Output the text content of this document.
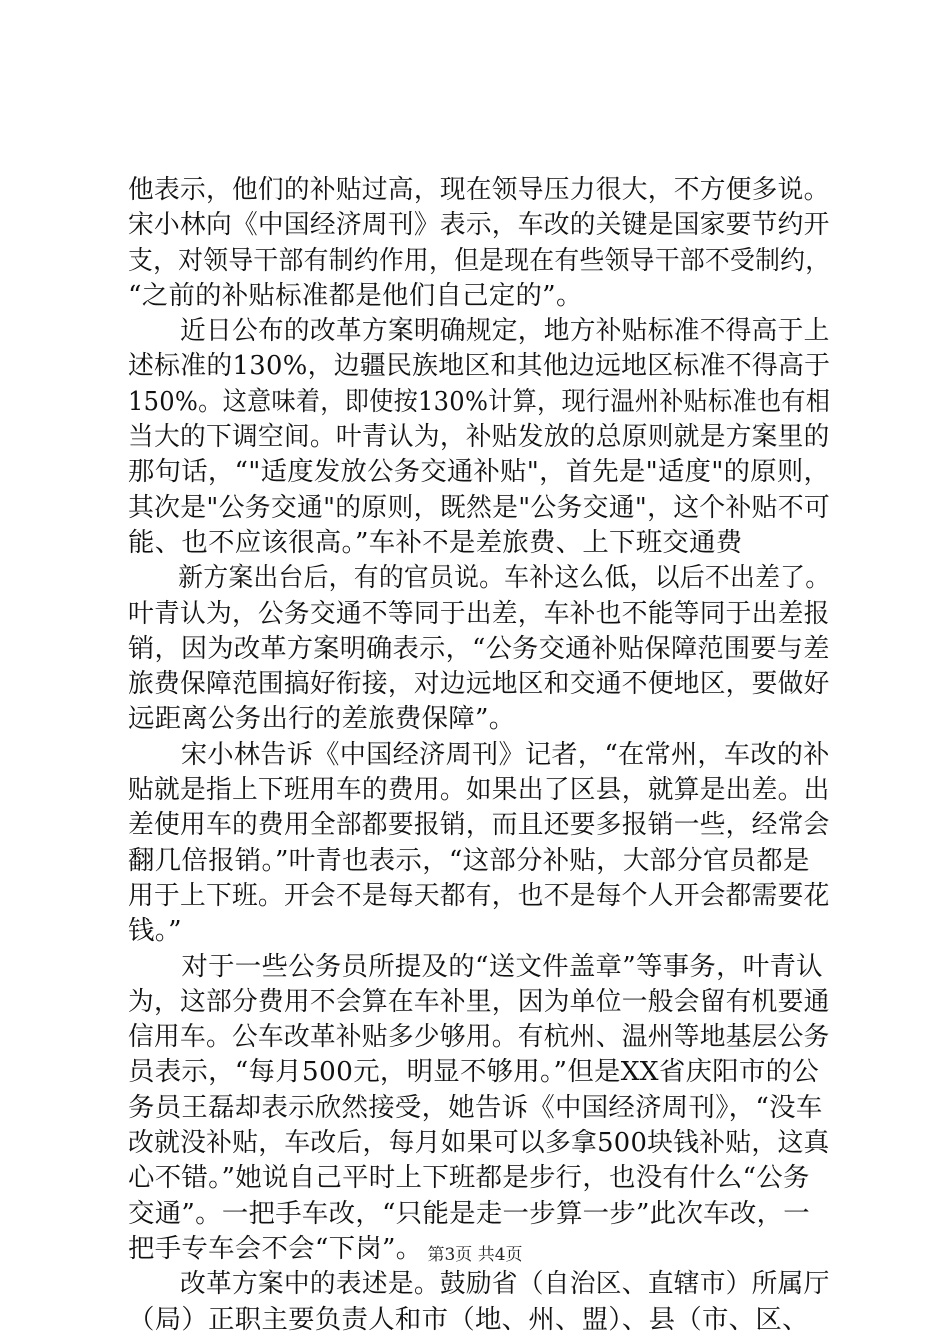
他表示，他们的补贴过高，现在领导压力很大，不方便多说。
宋小林向《中国经济周刊》表示，车改的关键是国家要节约开
支，对领导干部有制约作用，但是现在有些领导干部不受制约，
“之前的补贴标准都是他们自己定的”。
　　近日公布的改革方案明确规定，地方补贴标准不得高于上
述标准的130%，边疆民族地区和其他边远地区标准不得高于
150%。这意味着，即使按130%计算，现行温州补贴标准也有相
当大的下调空间。叶青认为，补贴发放的总原则就是方案里的
那句话，“"适度发放公务交通补贴"，首先是"适度"的原则，
其次是"公务交通"的原则，既然是"公务交通"，这个补贴不可
能、也不应该很高。”车补不是差旅费、上下班交通费
　　新方案出台后，有的官员说。车补这么低，以后不出差了。
叶青认为，公务交通不等同于出差，车补也不能等同于出差报
销，因为改革方案明确表示，“公务交通补贴保障范围要与差
旅费保障范围搞好衔接，对边远地区和交通不便地区，要做好
远距离公务出行的差旅费保障”。
　　宋小林告诉《中国经济周刊》记者，“在常州，车改的补
贴就是指上下班用车的费用。如果出了区县，就算是出差。出
差使用车的费用全部都要报销，而且还要多报销一些，经常会
翻几倍报销。”叶青也表示，“这部分补贴，大部分官员都是
用于上下班。开会不是每天都有，也不是每个人开会都需要花
钱。”
　　对于一些公务员所提及的“送文件盖章”等事务，叶青认
为，这部分费用不会算在车补里，因为单位一般会留有机要通
信用车。公车改革补贴多少够用。有杭州、温州等地基层公务
员表示，“每月500元，明显不够用。”但是XX省庆阳市的公
务员王磊却表示欣然接受，她告诉《中国经济周刊》，“没车
改就没补贴，车改后，每月如果可以多拿500块钱补贴，这真
心不错。”她说自己平时上下班都是步行，也没有什么“公务
交通”。一把手车改，“只能是走一步算一步”此次车改，一
把手专车会不会“下岗”。
　　改革方案中的表述是。鼓励省（自治区、直辖市）所属厅
（局）正职主要负责人和市（地、州、盟）、县（市、区、
第3页 共4页
